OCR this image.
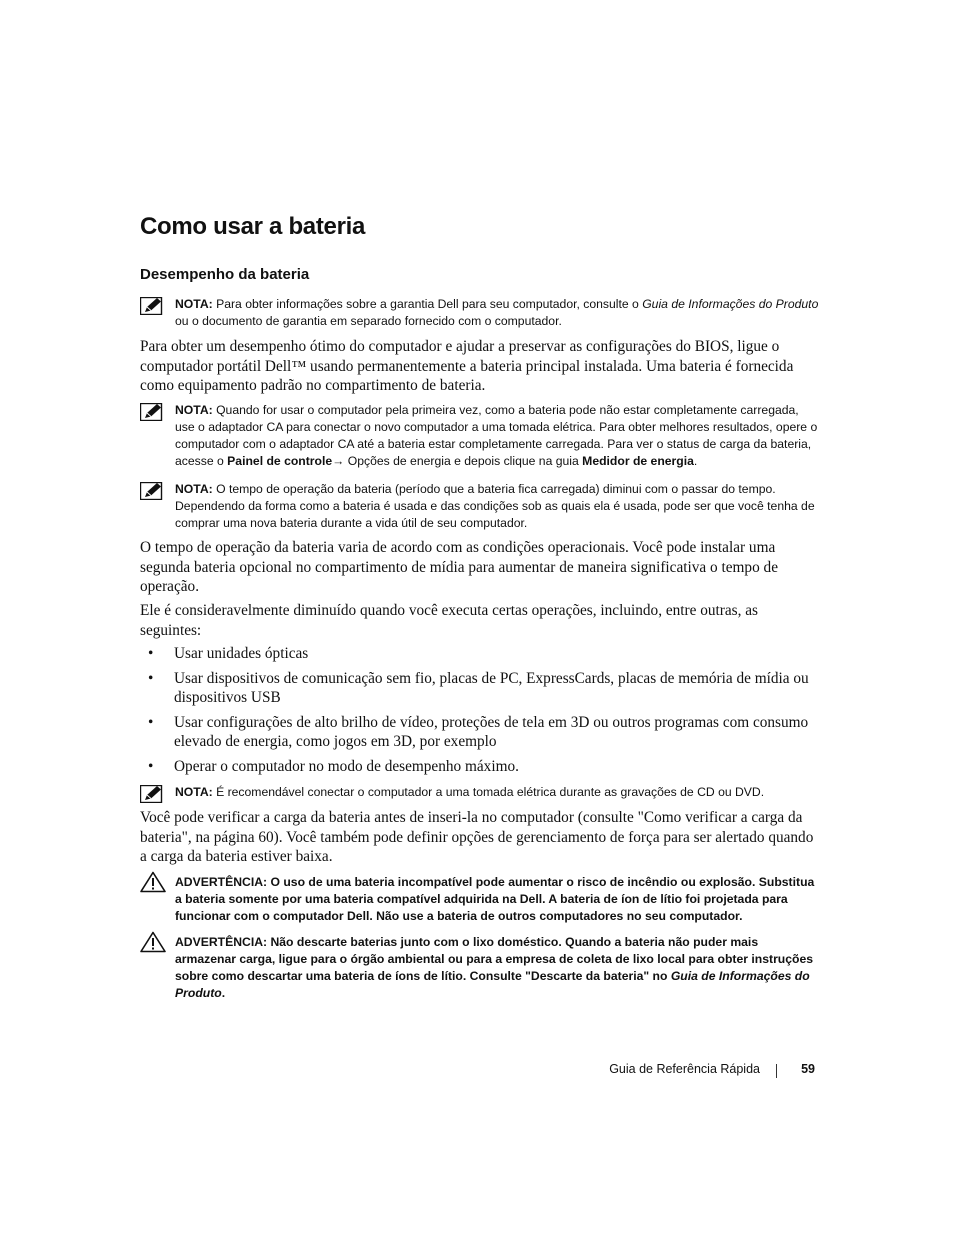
Como usar a bateria
Desempenho da bateria
NOTA: Para obter informações sobre a garantia Dell para seu computador, consulte o Guia de Informações do Produto ou o documento de garantia em separado fornecido com o computador.
Para obter um desempenho ótimo do computador e ajudar a preservar as configurações do BIOS, ligue o computador portátil Dell™ usando permanentemente a bateria principal instalada. Uma bateria é fornecida como equipamento padrão no compartimento de bateria.
NOTA: Quando for usar o computador pela primeira vez, como a bateria pode não estar completamente carregada, use o adaptador CA para conectar o novo computador a uma tomada elétrica. Para obter melhores resultados, opere o computador com o adaptador CA até a bateria estar completamente carregada. Para ver o status de carga da bateria, acesse o Painel de controle→ Opções de energia e depois clique na guia Medidor de energia.
NOTA: O tempo de operação da bateria (período que a bateria fica carregada) diminui com o passar do tempo. Dependendo da forma como a bateria é usada e das condições sob as quais ela é usada, pode ser que você tenha de comprar uma nova bateria durante a vida útil de seu computador.
O tempo de operação da bateria varia de acordo com as condições operacionais. Você pode instalar uma segunda bateria opcional no compartimento de mídia para aumentar de maneira significativa o tempo de operação.
Ele é consideravelmente diminuído quando você executa certas operações, incluindo, entre outras, as seguintes:
• Usar unidades ópticas
• Usar dispositivos de comunicação sem fio, placas de PC, ExpressCards, placas de memória de mídia ou dispositivos USB
• Usar configurações de alto brilho de vídeo, proteções de tela em 3D ou outros programas com consumo elevado de energia, como jogos em 3D, por exemplo
• Operar o computador no modo de desempenho máximo.
NOTA: É recomendável conectar o computador a uma tomada elétrica durante as gravações de CD ou DVD.
Você pode verificar a carga da bateria antes de inseri-la no computador (consulte "Como verificar a carga da bateria", na página 60). Você também pode definir opções de gerenciamento de força para ser alertado quando a carga da bateria estiver baixa.
ADVERTÊNCIA: O uso de uma bateria incompatível pode aumentar o risco de incêndio ou explosão. Substitua a bateria somente por uma bateria compatível adquirida na Dell. A bateria de íon de lítio foi projetada para funcionar com o computador Dell. Não use a bateria de outros computadores no seu computador.
ADVERTÊNCIA: Não descarte baterias junto com o lixo doméstico. Quando a bateria não puder mais armazenar carga, ligue para o órgão ambiental ou para a empresa de coleta de lixo local para obter instruções sobre como descartar uma bateria de íons de lítio. Consulte "Descarte da bateria" no Guia de Informações do Produto.
Guia de Referência Rápida	59
